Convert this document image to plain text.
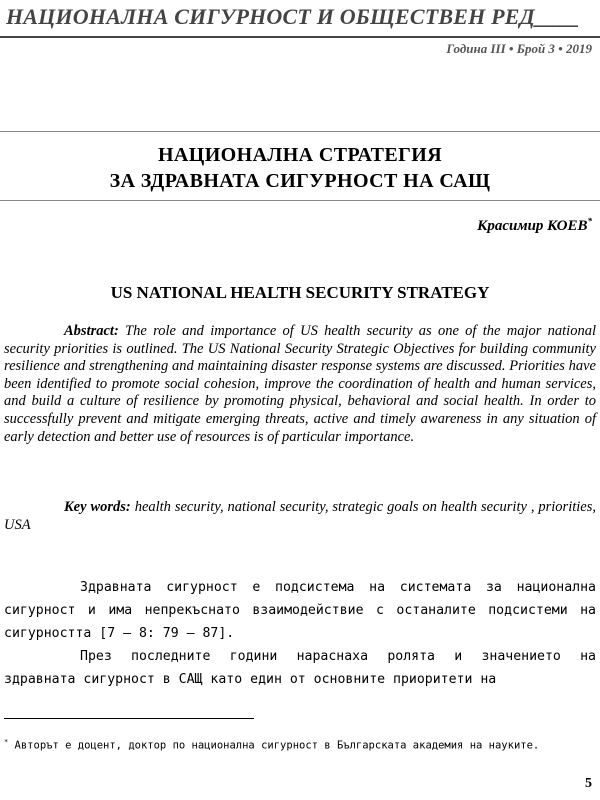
НАЦИОНАЛНА СИГУРНОСТ И ОБЩЕСТВЕН РЕД____
Година III • Брой 3 • 2019
НАЦИОНАЛНА СТРАТЕГИЯ
ЗА ЗДРАВНАТА СИГУРНОСТ НА САЩ
Красимир КОЕВ*
US NATIONAL HEALTH SECURITY STRATEGY
Abstract: The role and importance of US health security as one of the major national security priorities is outlined. The US National Security Strategic Objectives for building community resilience and strengthening and maintaining disaster response systems are discussed. Priorities have been identified to promote social cohesion, improve the coordination of health and human services, and build a culture of resilience by promoting physical, behavioral and social health. In order to successfully prevent and mitigate emerging threats, active and timely awareness in any situation of early detection and better use of resources is of particular importance.
Key words: health security, national security, strategic goals on health security , priorities, USA

Здравната сигурност е подсистема на системата за национална сигурност и има непрекъснато взаимодействие с останалите подсистеми на сигурността [7 – 8: 79 – 87].

През последните години нараснаха ролята и значението на здравната сигурност в САЩ като един от основните приоритети на

* Авторът е доцент, доктор по национална сигурност в Българската академия на науките.
5
